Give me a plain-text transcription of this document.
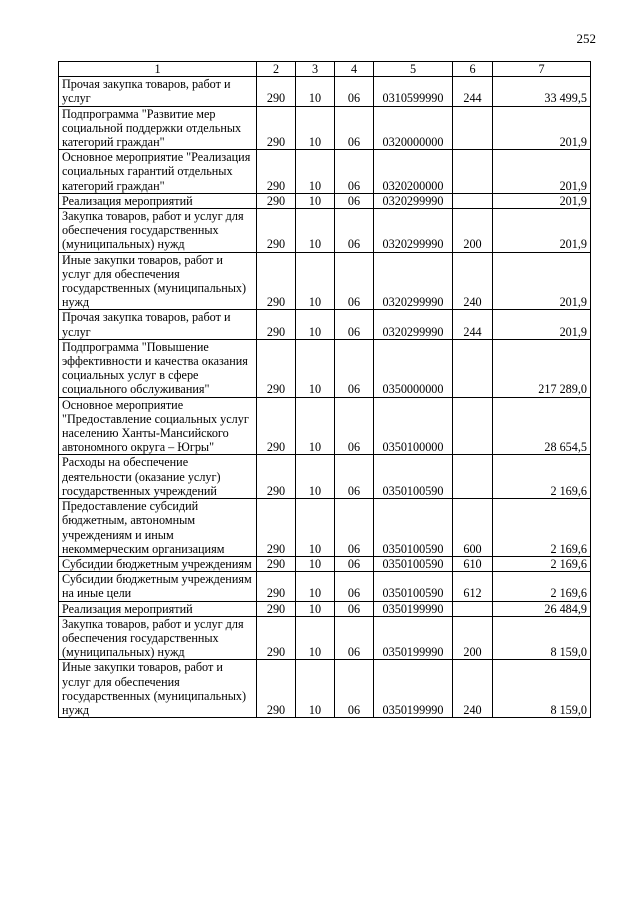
252
1	2	3	4	5	6	7
Прочая закупка товаров, работ и услуг	290	10	06	0310599990	244	33 499,5
Подпрограмма "Развитие мер социальной поддержки отдельных категорий граждан"	290	10	06	0320000000		201,9
Основное мероприятие "Реализация социальных гарантий отдельных категорий граждан"	290	10	06	0320200000		201,9
Реализация мероприятий	290	10	06	0320299990		201,9
Закупка товаров, работ и услуг для обеспечения государственных (муниципальных) нужд	290	10	06	0320299990	200	201,9
Иные закупки товаров, работ и услуг для обеспечения государственных (муниципальных) нужд	290	10	06	0320299990	240	201,9
Прочая закупка товаров, работ и услуг	290	10	06	0320299990	244	201,9
Подпрограмма "Повышение эффективности и качества оказания социальных услуг в сфере социального обслуживания"	290	10	06	0350000000		217 289,0
Основное мероприятие "Предоставление социальных услуг населению Ханты-Мансийского автономного округа – Югры"	290	10	06	0350100000		28 654,5
Расходы на обеспечение деятельности (оказание услуг) государственных учреждений	290	10	06	0350100590		2 169,6
Предоставление субсидий бюджетным, автономным учреждениям и иным некоммерческим организациям	290	10	06	0350100590	600	2 169,6
Субсидии бюджетным учреждениям	290	10	06	0350100590	610	2 169,6
Субсидии бюджетным учреждениям на иные цели	290	10	06	0350100590	612	2 169,6
Реализация мероприятий	290	10	06	0350199990		26 484,9
Закупка товаров, работ и услуг для обеспечения государственных (муниципальных) нужд	290	10	06	0350199990	200	8 159,0
Иные закупки товаров, работ и услуг для обеспечения государственных (муниципальных) нужд	290	10	06	0350199990	240	8 159,0
